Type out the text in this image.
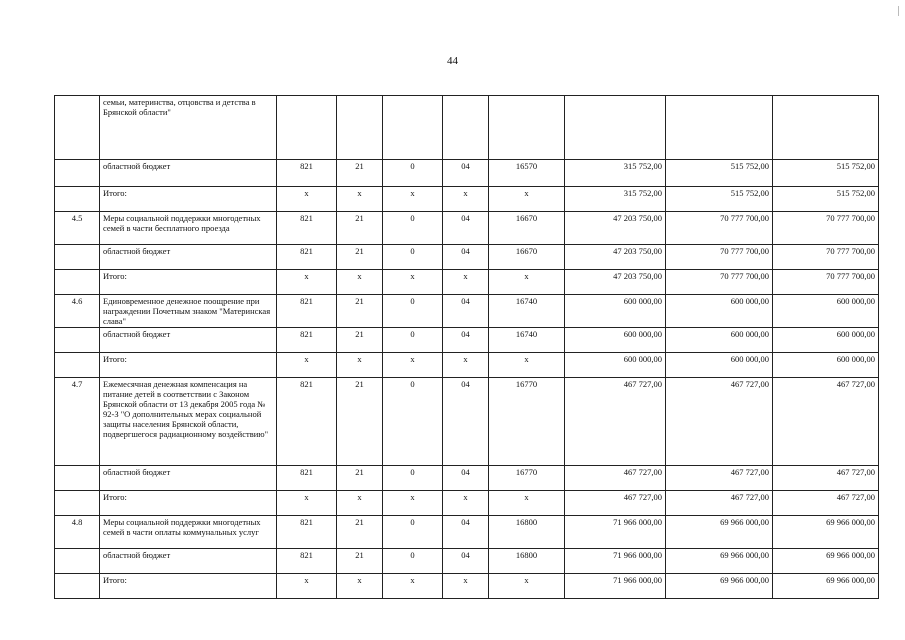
44
	семьи, материнства, отцовства и детства в Брянской области"								
	областной бюджет	821	21	0	04	16570	315 752,00	515 752,00	515 752,00
	Итого:	x	x	x	x	x	315 752,00	515 752,00	515 752,00
4.5	Меры социальной поддержки многодетных семей в части бесплатного проезда	821	21	0	04	16670	47 203 750,00	70 777 700,00	70 777 700,00
	областной бюджет	821	21	0	04	16670	47 203 750,00	70 777 700,00	70 777 700,00
	Итого:	x	x	x	x	x	47 203 750,00	70 777 700,00	70 777 700,00
4.6	Единовременное денежное поощрение при награждении Почетным знаком "Материнская слава"	821	21	0	04	16740	600 000,00	600 000,00	600 000,00
	областной бюджет	821	21	0	04	16740	600 000,00	600 000,00	600 000,00
	Итого:	x	x	x	x	x	600 000,00	600 000,00	600 000,00
4.7	Ежемесячная денежная компенсация на питание детей в соответствии с Законом Брянской области от 13 декабря 2005 года № 92-З "О дополнительных мерах социальной защиты населения Брянской области, подвергшегося радиационному воздействию"	821	21	0	04	16770	467 727,00	467 727,00	467 727,00
	областной бюджет	821	21	0	04	16770	467 727,00	467 727,00	467 727,00
	Итого:	x	x	x	x	x	467 727,00	467 727,00	467 727,00
4.8	Меры социальной поддержки многодетных семей в части оплаты коммунальных услуг	821	21	0	04	16800	71 966 000,00	69 966 000,00	69 966 000,00
	областной бюджет	821	21	0	04	16800	71 966 000,00	69 966 000,00	69 966 000,00
	Итого:	x	x	x	x	x	71 966 000,00	69 966 000,00	69 966 000,00
